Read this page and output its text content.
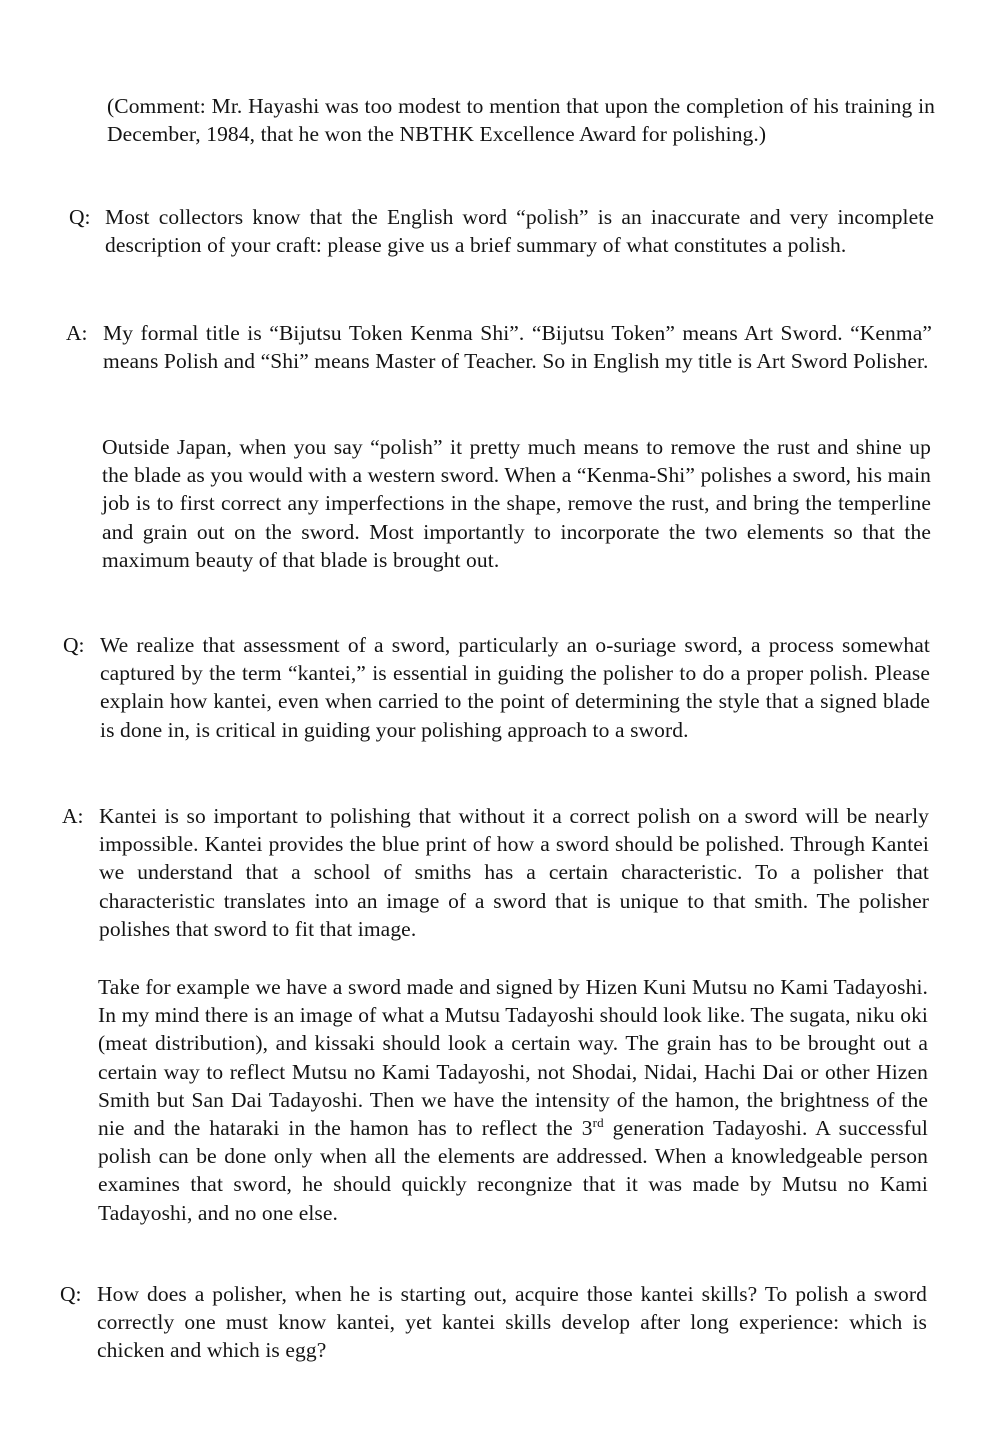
(Comment: Mr. Hayashi was too modest to mention that upon the completion of his training in December, 1984, that he won the NBTHK Excellence Award for polishing.)
Q: Most collectors know that the English word “polish” is an inaccurate and very incomplete description of your craft: please give us a brief summary of what constitutes a polish.
A: My formal title is “Bijutsu Token Kenma Shi”. “Bijutsu Token” means Art Sword. “Kenma” means Polish and “Shi” means Master of Teacher. So in English my title is Art Sword Polisher.
Outside Japan, when you say “polish” it pretty much means to remove the rust and shine up the blade as you would with a western sword. When a “Kenma-Shi” polishes a sword, his main job is to first correct any imperfections in the shape, remove the rust, and bring the temperline and grain out on the sword. Most importantly to incorporate the two elements so that the maximum beauty of that blade is brought out.
Q: We realize that assessment of a sword, particularly an o-suriage sword, a process somewhat captured by the term “kantei,” is essential in guiding the polisher to do a proper polish. Please explain how kantei, even when carried to the point of determining the style that a signed blade is done in, is critical in guiding your polishing approach to a sword.
A: Kantei is so important to polishing that without it a correct polish on a sword will be nearly impossible. Kantei provides the blue print of how a sword should be polished. Through Kantei we understand that a school of smiths has a certain characteristic. To a polisher that characteristic translates into an image of a sword that is unique to that smith. The polisher polishes that sword to fit that image.
Take for example we have a sword made and signed by Hizen Kuni Mutsu no Kami Tadayoshi. In my mind there is an image of what a Mutsu Tadayoshi should look like. The sugata, niku oki (meat distribution), and kissaki should look a certain way. The grain has to be brought out a certain way to reflect Mutsu no Kami Tadayoshi, not Shodai, Nidai, Hachi Dai or other Hizen Smith but San Dai Tadayoshi. Then we have the intensity of the hamon, the brightness of the nie and the hataraki in the hamon has to reflect the 3rd generation Tadayoshi. A successful polish can be done only when all the elements are addressed. When a knowledgeable person examines that sword, he should quickly recongnize that it was made by Mutsu no Kami Tadayoshi, and no one else.
Q: How does a polisher, when he is starting out, acquire those kantei skills? To polish a sword correctly one must know kantei, yet kantei skills develop after long experience: which is chicken and which is egg?
